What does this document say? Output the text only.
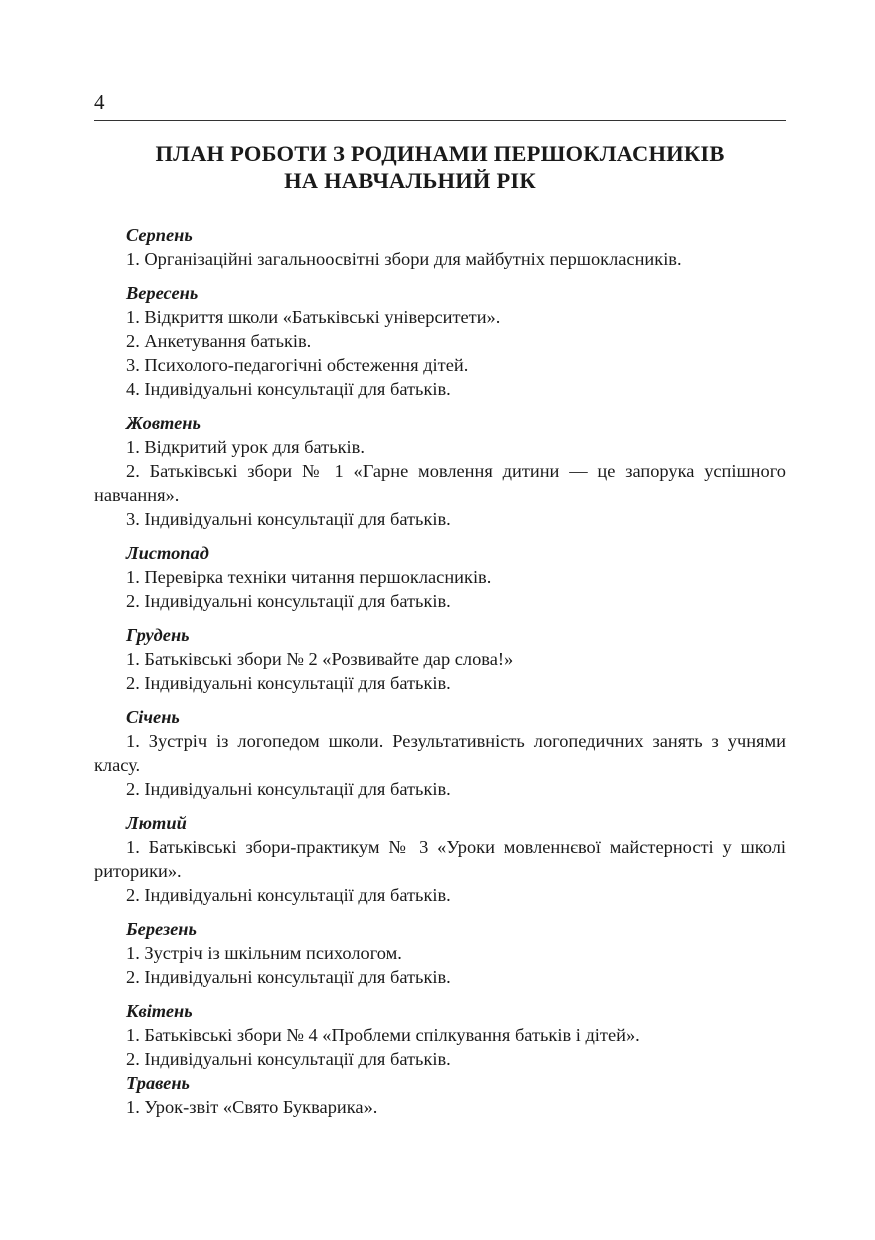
4
ПЛАН РОБОТИ З РОДИНАМИ ПЕРШОКЛАСНИКІВ

НА НАВЧАЛЬНИЙ РІК
Серпень
1. Організаційні загальноосвітні збори для майбутніх першокласників.
Вересень
1. Відкриття школи «Батьківські університети».
2. Анкетування батьків.
3. Психолого-педагогічні обстеження дітей.
4. Індивідуальні консультації для батьків.
Жовтень
1. Відкритий урок для батьків.
2. Батьківські збори № 1 «Гарне мовлення дитини — це запорука успішного навчання».
3. Індивідуальні консультації для батьків.
Листопад
1. Перевірка техніки читання першокласників.
2. Індивідуальні консультації для батьків.
Грудень
1. Батьківські збори № 2 «Розвивайте дар слова!»
2. Індивідуальні консультації для батьків.
Січень
1. Зустріч із логопедом школи. Результативність логопедичних занять з учнями класу.
2. Індивідуальні консультації для батьків.
Лютий
1. Батьківські збори-практикум № 3 «Уроки мовленнєвої майстерності у школі риторики».
2. Індивідуальні консультації для батьків.
Березень
1. Зустріч із шкільним психологом.
2. Індивідуальні консультації для батьків.
Квітень
1. Батьківські збори № 4 «Проблеми спілкування батьків і дітей».
2. Індивідуальні консультації для батьків.
Травень
1. Урок-звіт «Свято Букварика».
